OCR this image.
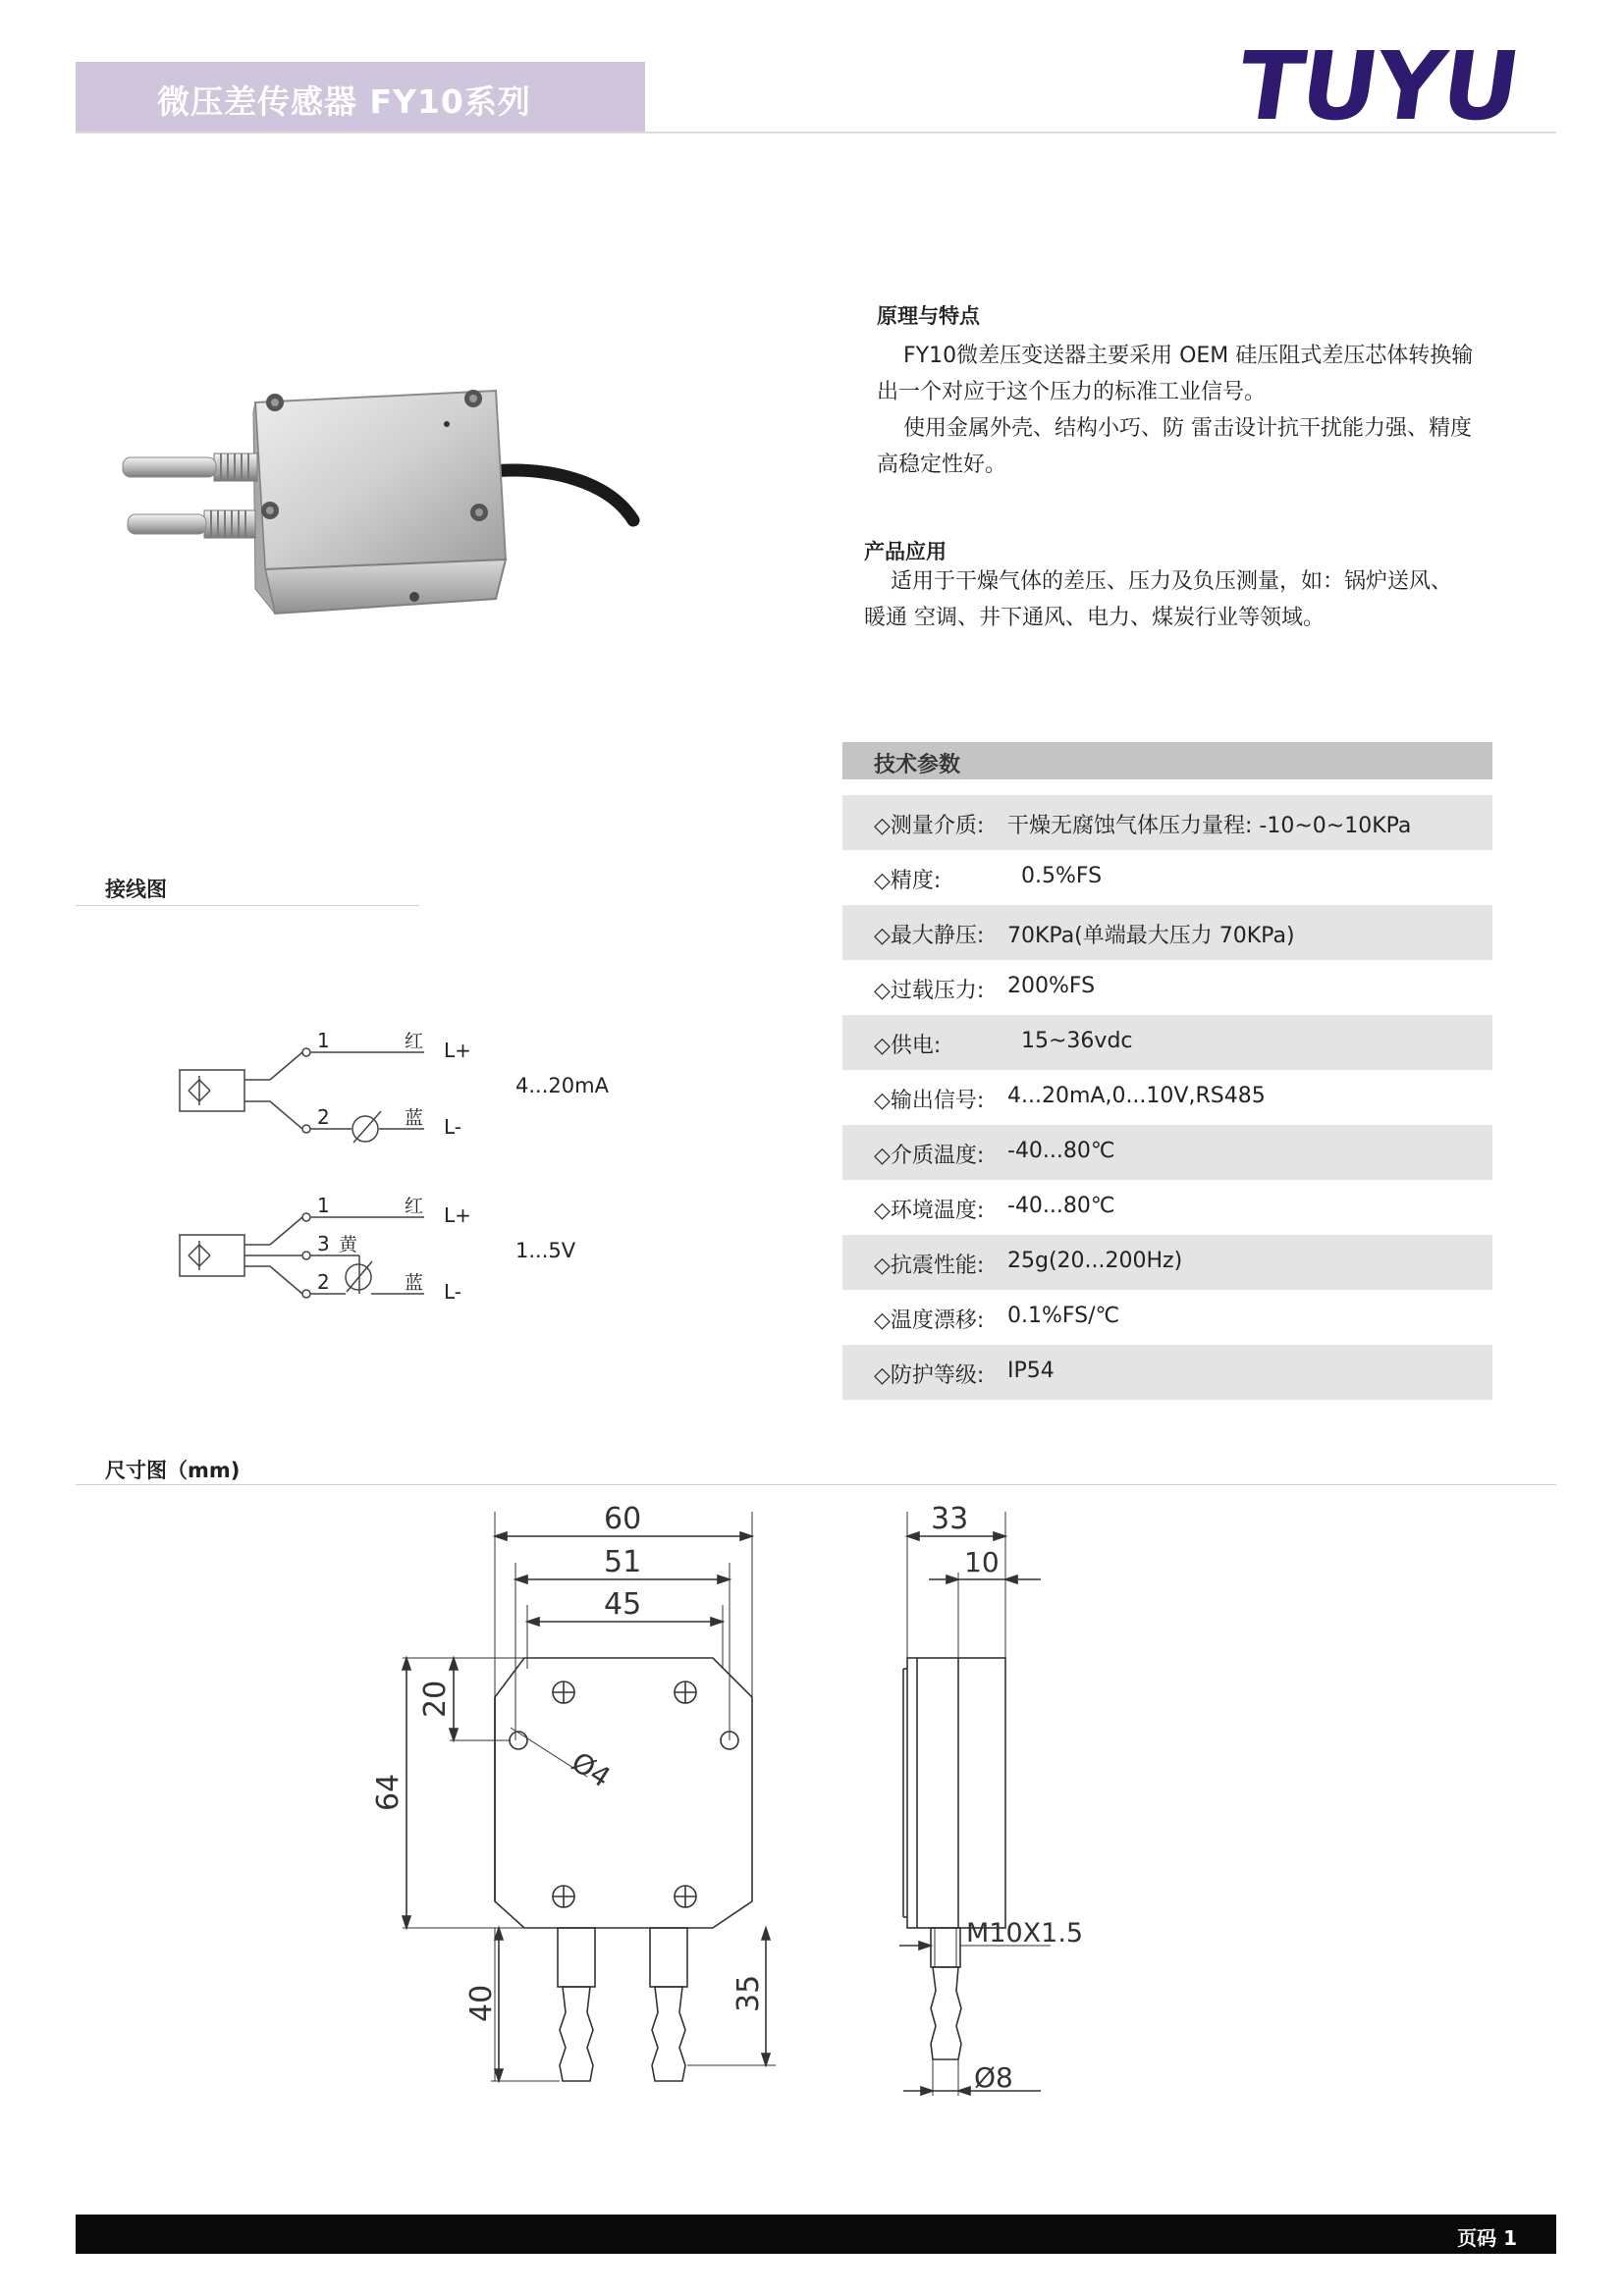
微压差传感器 FY10系列	TUYU
原理与特点
FY10微差压变送器主要采用 OEM 硅压阻式差压芯体转换输
出一个对应于这个压力的标准工业信号。
使用金属外壳、结构小巧、防 雷击设计抗干扰能力强、精度
高稳定性好。
产品应用
适用于干燥气体的差压、压力及负压测量，如：锅炉送风、
暖通 空调、井下通风、电力、煤炭行业等领域。
技术参数
◇测量介质: 干燥无腐蚀气体压力量程: -10~0~10KPa
◇精度:	0.5%FS
◇最大静压: 70KPa(单端最大压力 70KPa)
◇过载压力: 200%FS
◇供电:	15~36vdc
◇输出信号: 4...20mA,0...10V,RS485
◇介质温度: -40...80℃
◇环境温度: -40...80℃
◇抗震性能: 25g(20...200Hz)
◇温度漂移: 0.1%FS/℃
◇防护等级: IP54
接线图
1
2
红
蓝
L+
L-
4...20mA
1
3 黄
2
红
蓝
L+
L-
1...5V
尺寸图（mm)
60
51
45
64
20
Ø4
40	35
33
10
M10X1.5
Ø8
页码 1
